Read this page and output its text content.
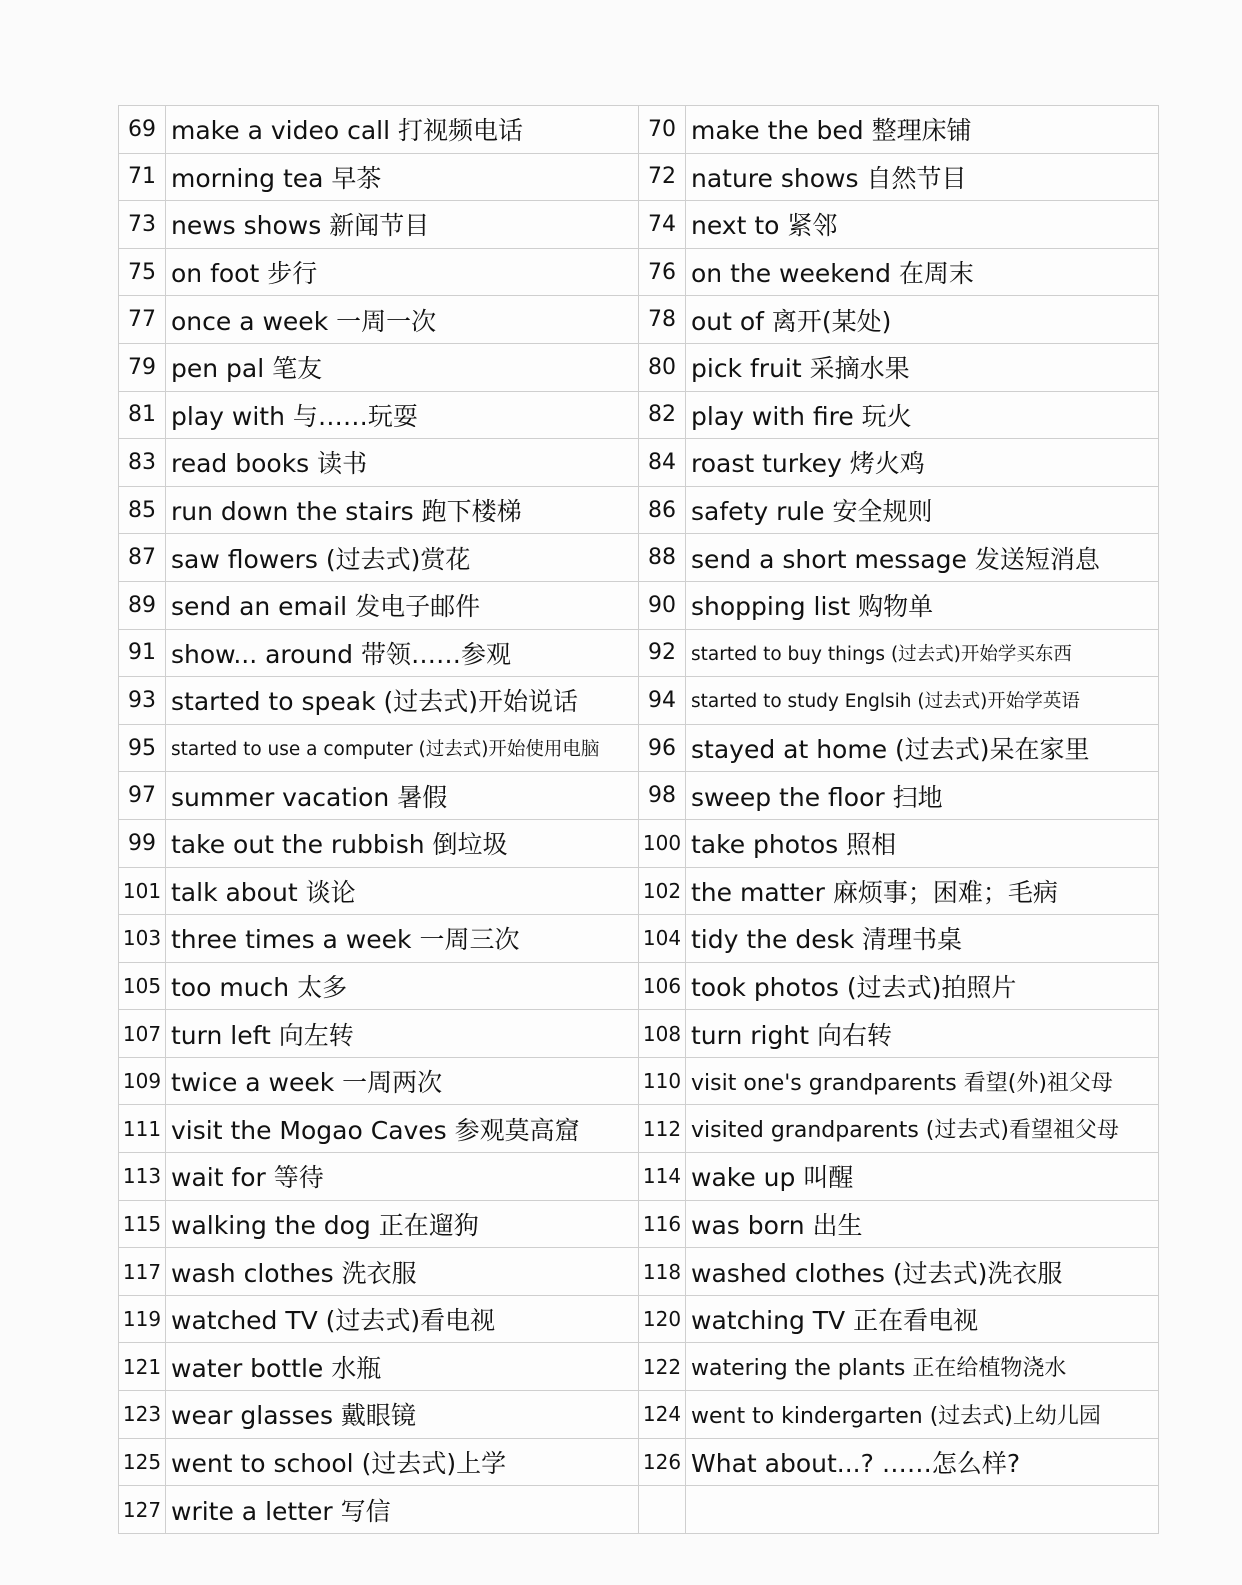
69	make a video call 打视频电话	70	make the bed 整理床铺
71	morning tea 早茶	72	nature shows 自然节目
73	news shows 新闻节目	74	next to 紧邻
75	on foot 步行	76	on the weekend 在周末
77	once a week 一周一次	78	out of 离开(某处)
79	pen pal 笔友	80	pick fruit 采摘水果
81	play with 与……玩耍	82	play with fire 玩火
83	read books 读书	84	roast turkey 烤火鸡
85	run down the stairs 跑下楼梯	86	safety rule 安全规则
87	saw flowers (过去式)赏花	88	send a short message 发送短消息
89	send an email 发电子邮件	90	shopping list 购物单
91	show... around 带领……参观	92	started to buy things (过去式)开始学买东西
93	started to speak (过去式)开始说话	94	started to study Englsih (过去式)开始学英语
95	started to use a computer (过去式)开始使用电脑	96	stayed at home (过去式)呆在家里
97	summer vacation 暑假	98	sweep the floor 扫地
99	take out the rubbish 倒垃圾	100	take photos 照相
101	talk about 谈论	102	the matter 麻烦事；困难；毛病
103	three times a week 一周三次	104	tidy the desk 清理书桌
105	too much 太多	106	took photos (过去式)拍照片
107	turn left 向左转	108	turn right 向右转
109	twice a week 一周两次	110	visit one's grandparents 看望(外)祖父母
111	visit the Mogao Caves 参观莫高窟	112	visited grandparents (过去式)看望祖父母
113	wait for 等待	114	wake up 叫醒
115	walking the dog 正在遛狗	116	was born 出生
117	wash clothes 洗衣服	118	washed clothes (过去式)洗衣服
119	watched TV (过去式)看电视	120	watching TV 正在看电视
121	water bottle 水瓶	122	watering the plants 正在给植物浇水
123	wear glasses 戴眼镜	124	went to kindergarten (过去式)上幼儿园
125	went to school (过去式)上学	126	What about...? ……怎么样?
127	write a letter 写信		
